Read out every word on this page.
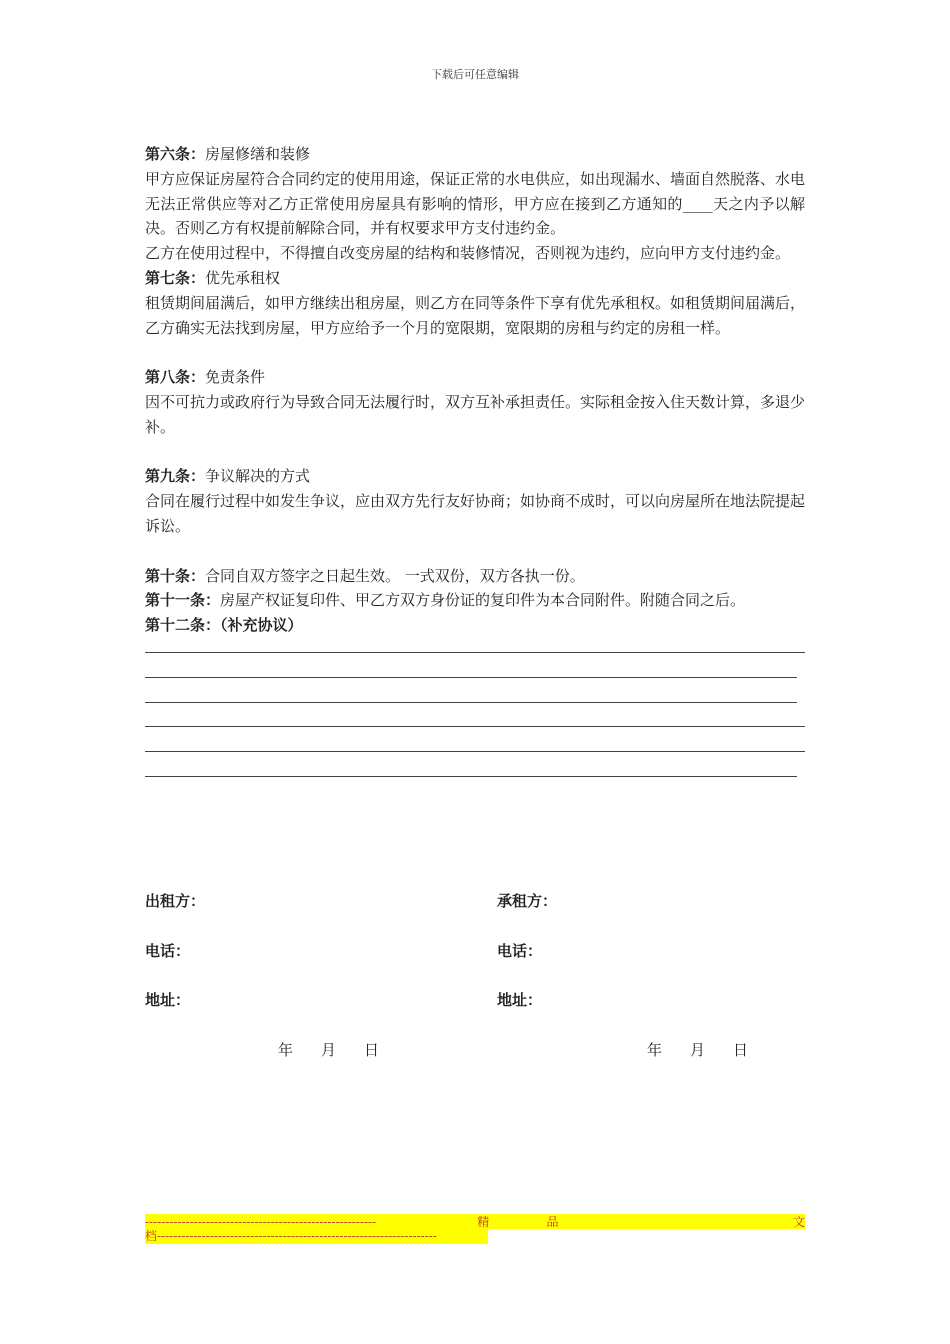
下载后可任意编辑

第六条：房屋修缮和装修

甲方应保证房屋符合合同约定的使用用途，保证正常的水电供应，如出现漏水、墙面自然脱落、水电无法正常供应等对乙方正常使用房屋具有影响的情形，甲方应在接到乙方通知的____天之内予以解决。否则乙方有权提前解除合同，并有权要求甲方支付违约金。

乙方在使用过程中，不得擅自改变房屋的结构和装修情况，否则视为违约，应向甲方支付违约金。

第七条：优先承租权

租赁期间届满后，如甲方继续出租房屋，则乙方在同等条件下享有优先承租权。如租赁期间届满后，乙方确实无法找到房屋，甲方应给予一个月的宽限期，宽限期的房租与约定的房租一样。

第八条：免责条件

因不可抗力或政府行为导致合同无法履行时，双方互补承担责任。实际租金按入住天数计算，多退少补。

第九条：争议解决的方式

合同在履行过程中如发生争议，应由双方先行友好协商；如协商不成时，可以向房屋所在地法院提起诉讼。

第十条：合同自双方签字之日起生效。 一式双份，双方各执一份。

第十一条：房屋产权证复印件、甲乙方双方身份证的复印件为本合同附件。附随合同之后。

第十二条：（补充协议）

出租方：	承租方：
电话：	电话：
地址：	地址：
年 月 日	年 月 日
---------------------------------------------------------	精	品	文
档---------------------------------------------------------------------
